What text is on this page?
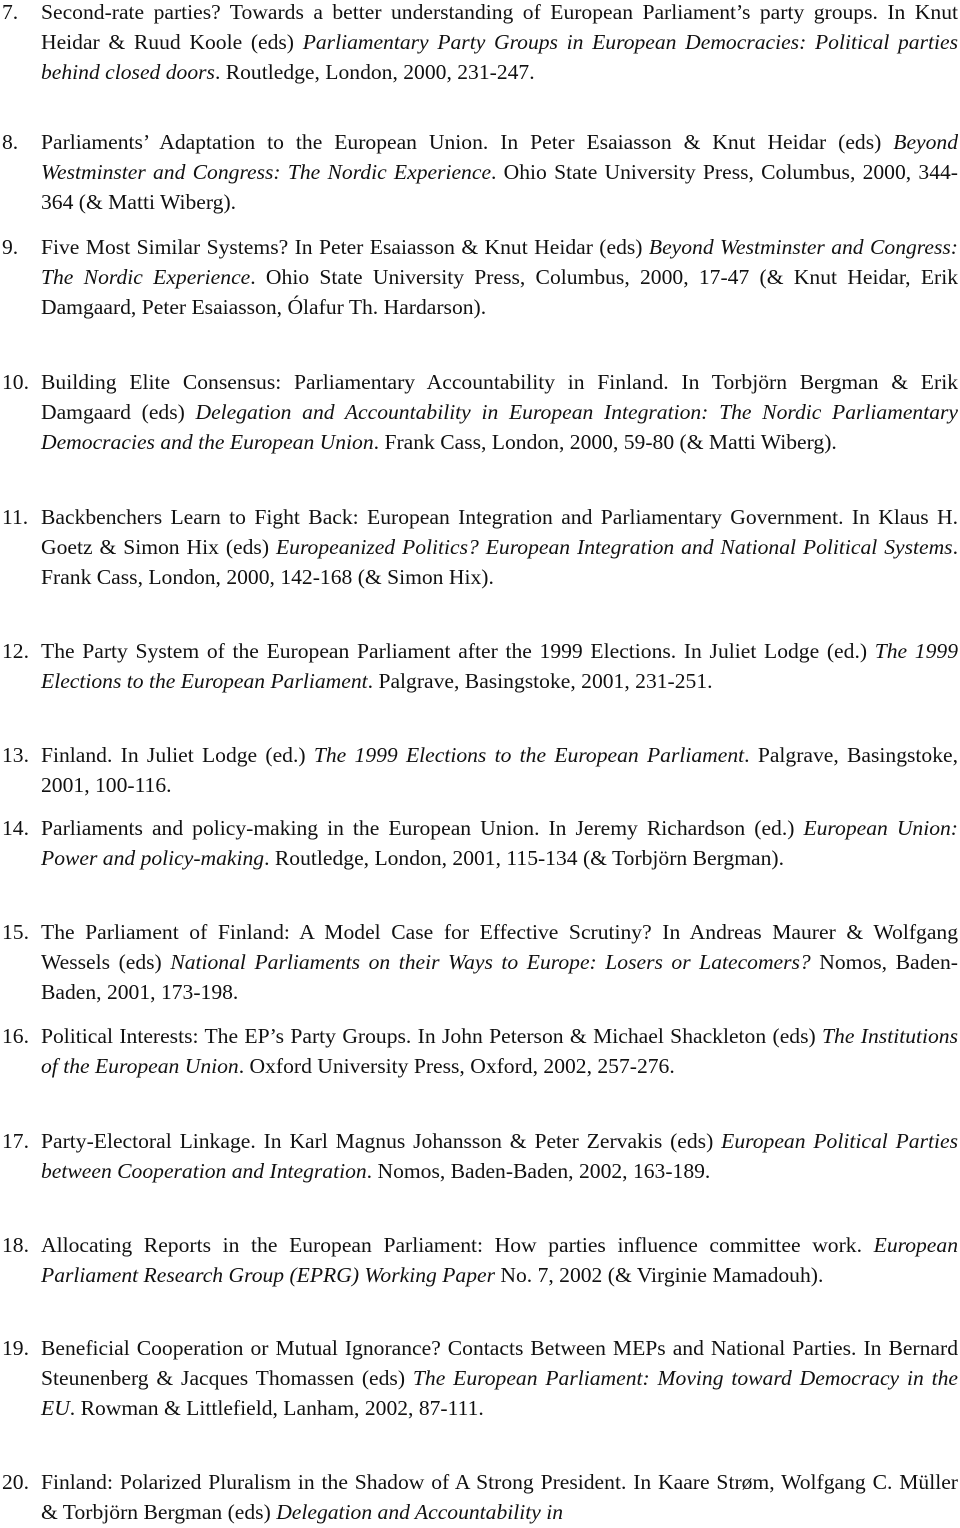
7. Second-rate parties? Towards a better understanding of European Parliament’s party groups. In Knut Heidar & Ruud Koole (eds) Parliamentary Party Groups in European Democracies: Political parties behind closed doors. Routledge, London, 2000, 231-247.
8. Parliaments’ Adaptation to the European Union. In Peter Esaiasson & Knut Heidar (eds) Beyond Westminster and Congress: The Nordic Experience. Ohio State University Press, Columbus, 2000, 344-364 (& Matti Wiberg).
9. Five Most Similar Systems? In Peter Esaiasson & Knut Heidar (eds) Beyond Westminster and Congress: The Nordic Experience. Ohio State University Press, Columbus, 2000, 17-47 (& Knut Heidar, Erik Damgaard, Peter Esaiasson, Ólafur Th. Hardarson).
10. Building Elite Consensus: Parliamentary Accountability in Finland. In Torbjörn Bergman & Erik Damgaard (eds) Delegation and Accountability in European Integration: The Nordic Parliamentary Democracies and the European Union. Frank Cass, London, 2000, 59-80 (& Matti Wiberg).
11. Backbenchers Learn to Fight Back: European Integration and Parliamentary Government. In Klaus H. Goetz & Simon Hix (eds) Europeanized Politics? European Integration and National Political Systems. Frank Cass, London, 2000, 142-168 (& Simon Hix).
12. The Party System of the European Parliament after the 1999 Elections. In Juliet Lodge (ed.) The 1999 Elections to the European Parliament. Palgrave, Basingstoke, 2001, 231-251.
13. Finland. In Juliet Lodge (ed.) The 1999 Elections to the European Parliament. Palgrave, Basingstoke, 2001, 100-116.
14. Parliaments and policy-making in the European Union. In Jeremy Richardson (ed.) European Union: Power and policy-making. Routledge, London, 2001, 115-134 (& Torbjörn Bergman).
15. The Parliament of Finland: A Model Case for Effective Scrutiny? In Andreas Maurer & Wolfgang Wessels (eds) National Parliaments on their Ways to Europe: Losers or Latecomers? Nomos, Baden-Baden, 2001, 173-198.
16. Political Interests: The EP’s Party Groups. In John Peterson & Michael Shackleton (eds) The Institutions of the European Union. Oxford University Press, Oxford, 2002, 257-276.
17. Party-Electoral Linkage. In Karl Magnus Johansson & Peter Zervakis (eds) European Political Parties between Cooperation and Integration. Nomos, Baden-Baden, 2002, 163-189.
18. Allocating Reports in the European Parliament: How parties influence committee work. European Parliament Research Group (EPRG) Working Paper No. 7, 2002 (& Virginie Mamadouh).
19. Beneficial Cooperation or Mutual Ignorance? Contacts Between MEPs and National Parties. In Bernard Steunenberg & Jacques Thomassen (eds) The European Parliament: Moving toward Democracy in the EU. Rowman & Littlefield, Lanham, 2002, 87-111.
20. Finland: Polarized Pluralism in the Shadow of A Strong President. In Kaare Strøm, Wolfgang C. Müller & Torbjörn Bergman (eds) Delegation and Accountability in
